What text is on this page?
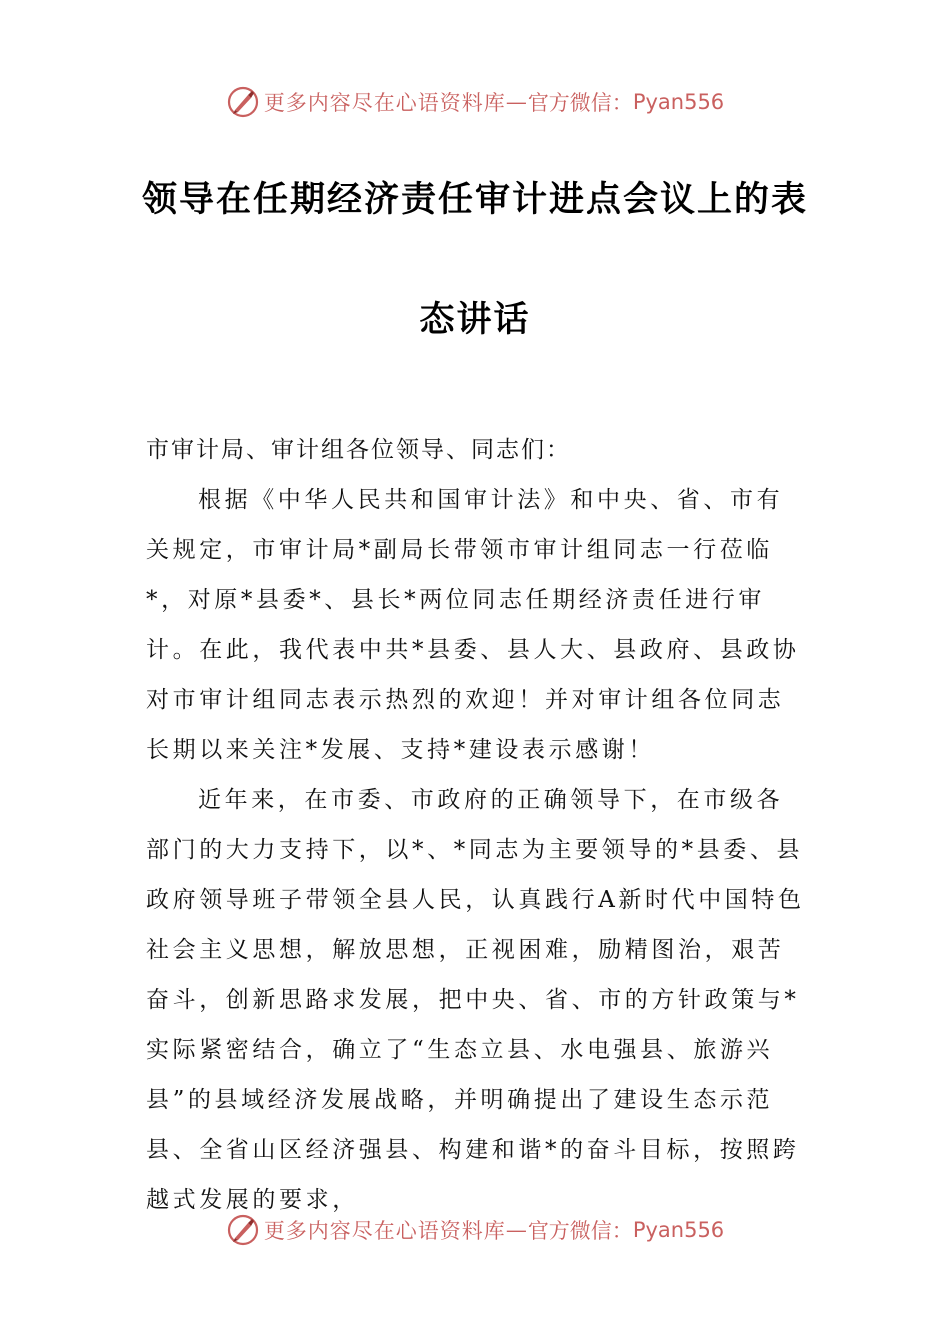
更多内容尽在心语资料库 — 官方微信： Pyan556
领导在任期经济责任审计进点会议上的表
态讲话

市审计局、审计组各位领导、同志们：

根据《中华人民共和国审计法》和中央、省、市有关规定，市审计局*副局长带领市审计组同志一行莅临*，对原*县委*、县长*两位同志任期经济责任进行审计。在此，我代表中共*县委、县人大、县政府、县政协对市审计组同志表示热烈的欢迎！并对审计组各位同志长期以来关注*发展、支持*建设表示感谢！

近年来，在市委、市政府的正确领导下，在市级各部门的大力支持下，以*、*同志为主要领导的*县委、县政府领导班子带领全县人民，认真践行A新时代中国特色社会主义思想，解放思想，正视困难，励精图治，艰苦奋斗，创新思路求发展，把中央、省、市的方针政策与*实际紧密结合，确立了“生态立县、水电强县、旅游兴县”的县域经济发展战略，并明确提出了建设生态示范县、全省山区经济强县、构建和谐*的奋斗目标，按照跨越式发展的要求，

更多内容尽在心语资料库 — 官方微信： Pyan556
